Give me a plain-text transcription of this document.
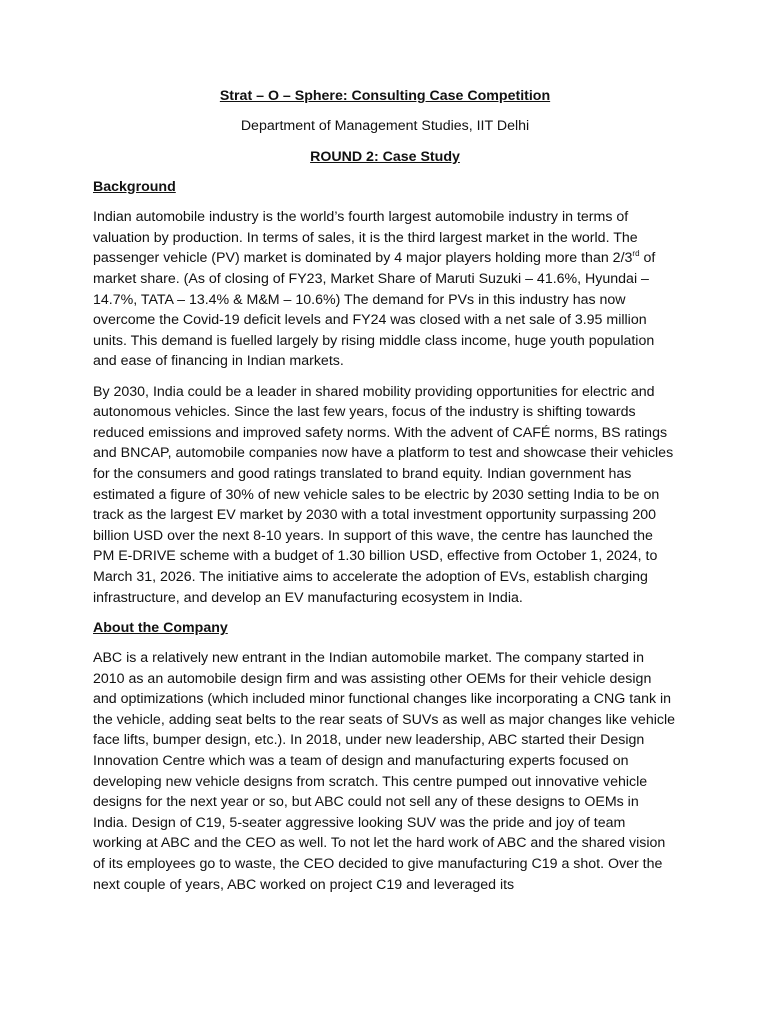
Strat – O – Sphere: Consulting Case Competition

Department of Management Studies, IIT Delhi

ROUND 2: Case Study

Background

Indian automobile industry is the world’s fourth largest automobile industry in terms of valuation by production. In terms of sales, it is the third largest market in the world. The passenger vehicle (PV) market is dominated by 4 major players holding more than 2/3rd of market share. (As of closing of FY23, Market Share of Maruti Suzuki – 41.6%, Hyundai – 14.7%, TATA – 13.4% & M&M – 10.6%) The demand for PVs in this industry has now overcome the Covid-19 deficit levels and FY24 was closed with a net sale of 3.95 million units. This demand is fuelled largely by rising middle class income, huge youth population and ease of financing in Indian markets.

By 2030, India could be a leader in shared mobility providing opportunities for electric and autonomous vehicles. Since the last few years, focus of the industry is shifting towards reduced emissions and improved safety norms. With the advent of CAFÉ norms, BS ratings and BNCAP, automobile companies now have a platform to test and showcase their vehicles for the consumers and good ratings translated to brand equity. Indian government has estimated a figure of 30% of new vehicle sales to be electric by 2030 setting India to be on track as the largest EV market by 2030 with a total investment opportunity surpassing 200 billion USD over the next 8-10 years. In support of this wave, the centre has launched the PM E-DRIVE scheme with a budget of 1.30 billion USD, effective from October 1, 2024, to March 31, 2026. The initiative aims to accelerate the adoption of EVs, establish charging infrastructure, and develop an EV manufacturing ecosystem in India.

About the Company

ABC is a relatively new entrant in the Indian automobile market. The company started in 2010 as an automobile design firm and was assisting other OEMs for their vehicle design and optimizations (which included minor functional changes like incorporating a CNG tank in the vehicle, adding seat belts to the rear seats of SUVs as well as major changes like vehicle face lifts, bumper design, etc.). In 2018, under new leadership, ABC started their Design Innovation Centre which was a team of design and manufacturing experts focused on developing new vehicle designs from scratch. This centre pumped out innovative vehicle designs for the next year or so, but ABC could not sell any of these designs to OEMs in India. Design of C19, 5-seater aggressive looking SUV was the pride and joy of team working at ABC and the CEO as well. To not let the hard work of ABC and the shared vision of its employees go to waste, the CEO decided to give manufacturing C19 a shot. Over the next couple of years, ABC worked on project C19 and leveraged its
